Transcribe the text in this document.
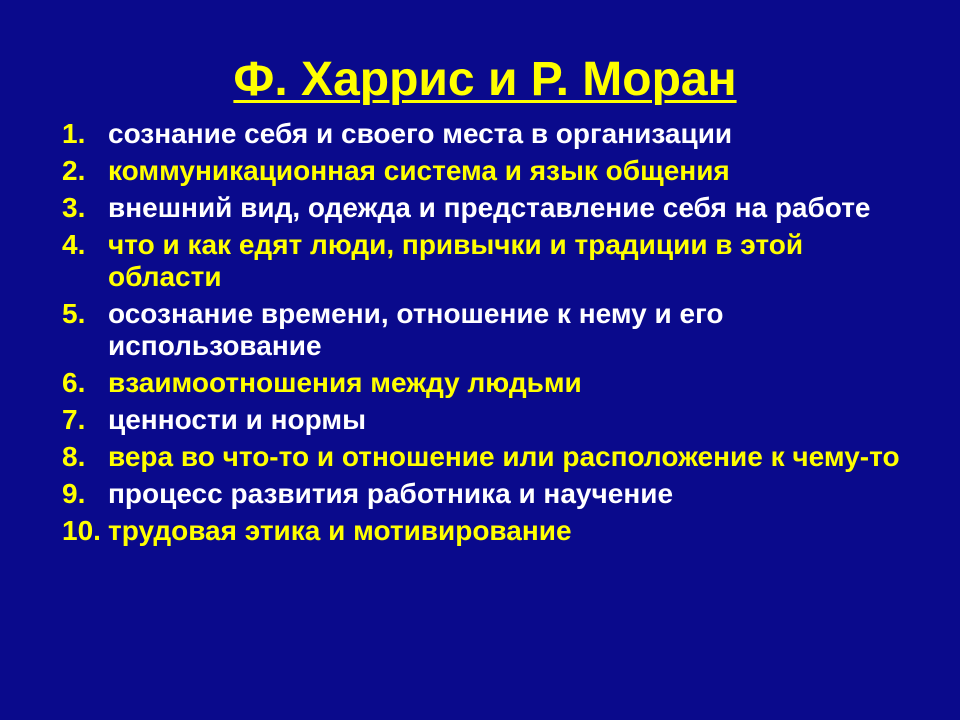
Ф. Харрис и Р. Моран
1. сознание себя и своего места в организации
2. коммуникационная система и язык общения
3. внешний вид, одежда и представление себя на работе
4. что и как едят люди, привычки и традиции в этой области
5. осознание времени, отношение к нему и его использование
6. взаимоотношения между людьми
7. ценности и нормы
8. вера во что-то и отношение или расположение к чему-то
9. процесс развития работника и научение
10. трудовая этика и мотивирование
